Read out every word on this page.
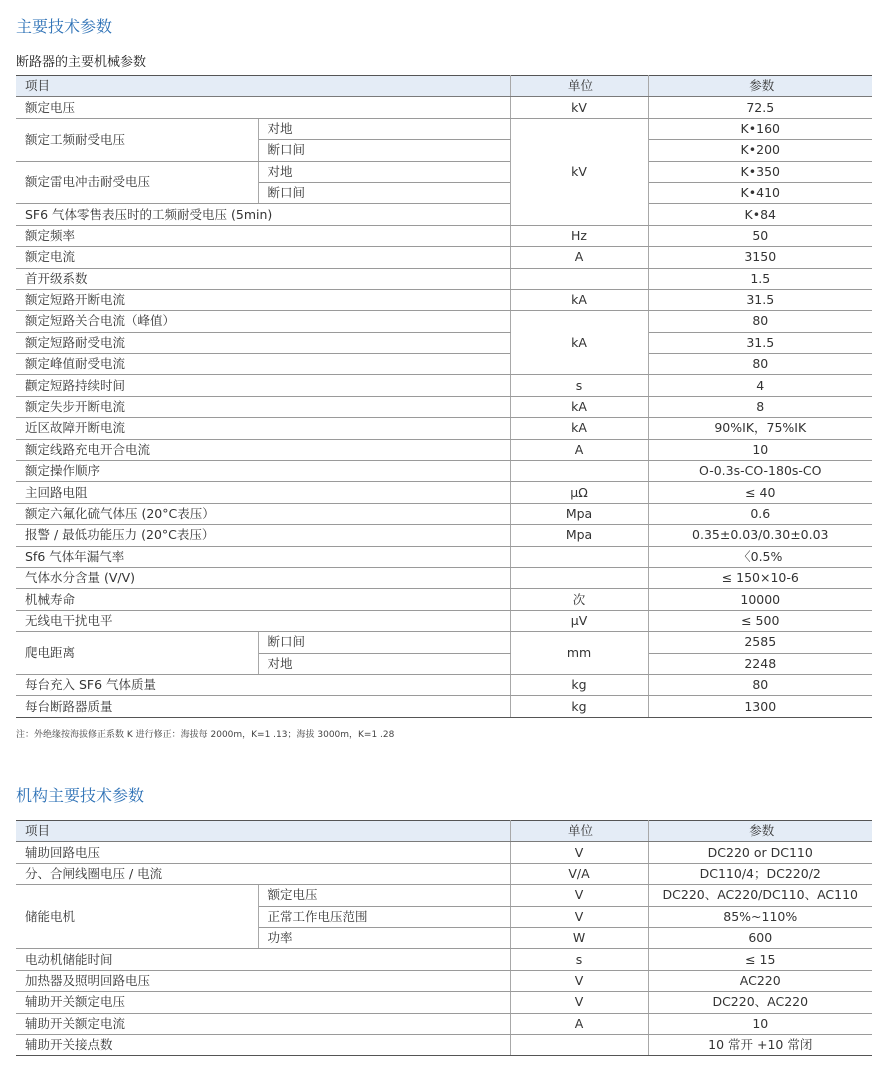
主要技术参数
断路器的主要机械参数
项目		单位	参数
额定电压		kV	72.5
额定工频耐受电压	对地	kV	K•160
	断口间		K•200
额定雷电冲击耐受电压	对地		K•350
	断口间		K•410
SF6 气体零售表压时的工频耐受电压 (5min)			K•84
额定频率		Hz	50
额定电流		A	3150
首开级系数			1.5
额定短路开断电流		kA	31.5
额定短路关合电流（峰值）		kA	80
额定短路耐受电流			31.5
额定峰值耐受电流			80
颧定短路持续时间		s	4
额定失步开断电流		kA	8
近区故障开断电流		kA	90%IK，75%IK
额定线路充电开合电流		A	10
额定操作顺序			O-0.3s-CO-180s-CO
主回路电阻		μΩ	≤ 40
额定六氟化硫气体压 (20°C表压）		Mpa	0.6
报警 / 最低功能压力 (20°C表压）		Mpa	0.35±0.03/0.30±0.03
Sf6 气体年漏气率			〈0.5%
气体水分含量 (V/V)			≤ 150×10-6
机械寿命		次	10000
无线电干扰电平		μV	≤ 500
爬电距离	断口间	mm	2585
	对地		2248
每台充入 SF6 气体质量		kg	80
每台断路器质量		kg	1300
注：外绝缘按海拔修正系数 K 进行修正：海拔每 2000m，K=1 .13；海拔 3000m，K=1 .28
机构主要技术参数
项目		单位	参数
辅助回路电压		V	DC220 or DC110
分、合闸线圈电压 / 电流		V/A	DC110/4；DC220/2
储能电机	额定电压	V	DC220、AC220/DC110、AC110
	正常工作电压范围	V	85%~110%
	功率	W	600
电动机储能时间		s	≤ 15
加热器及照明回路电压		V	AC220
辅助开关额定电压		V	DC220、AC220
辅助开关额定电流		A	10
辅助开关接点数			10 常开 +10 常闭
